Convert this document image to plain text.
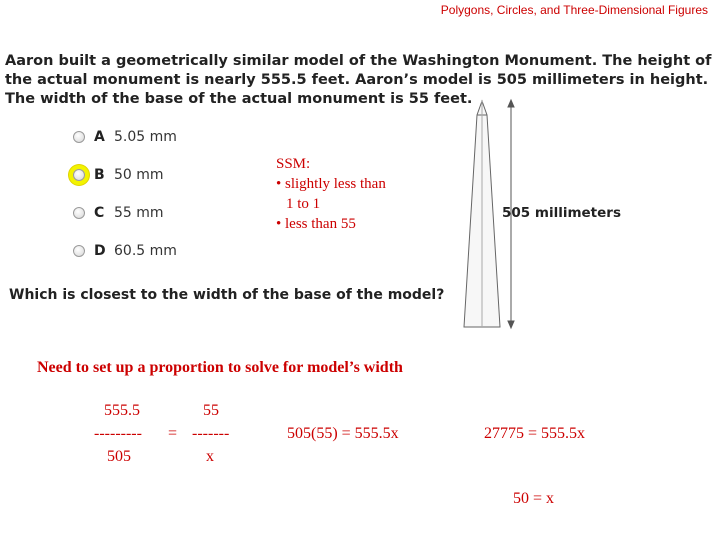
Polygons, Circles, and Three-Dimensional Figures
Aaron built a geometrically similar model of the Washington Monument. The height of the actual monument is nearly 555.5 feet. Aaron’s model is 505 millimeters in height. The width of the base of the actual monument is 55 feet.
A 5.05 mm
B 50 mm
C 55 mm
D 60.5 mm
SSM:
• slightly less than
1 to 1
• less than 55
505 millimeters
Which is closest to the width of the base of the model?
Need to set up a proportion to solve for model’s width
555.5
---------
505
=
55
-------
x
505(55) = 555.5x	27775 = 555.5x
50 = x
